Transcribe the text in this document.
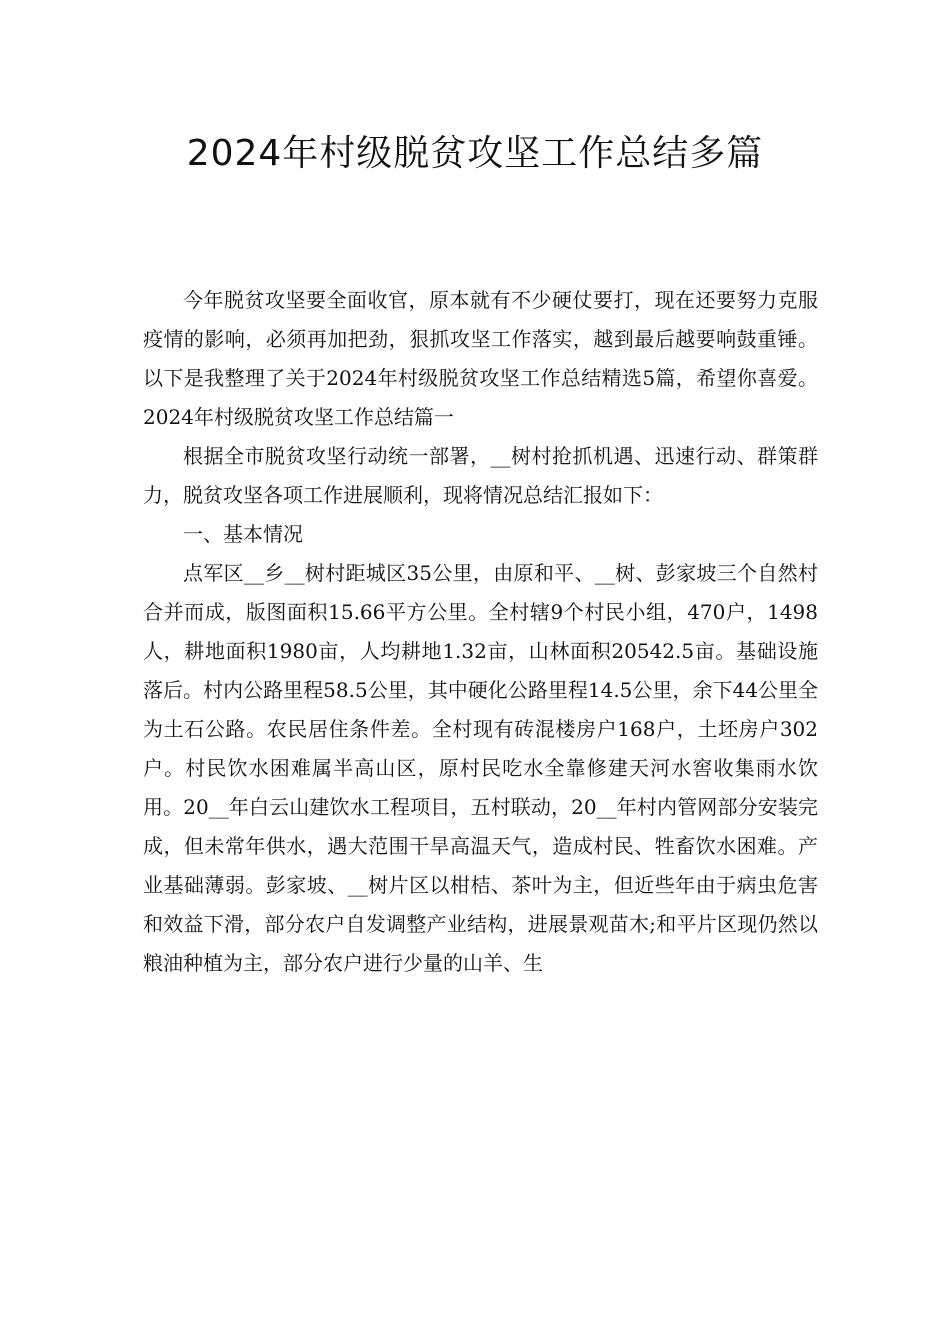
2024年村级脱贫攻坚工作总结多篇

今年脱贫攻坚要全面收官，原本就有不少硬仗要打，现在还要努力克服疫情的影响，必须再加把劲，狠抓攻坚工作落实，越到最后越要响鼓重锤。以下是我整理了关于2024年村级脱贫攻坚工作总结精选5篇，希望你喜爱。 2024年村级脱贫攻坚工作总结篇一

根据全市脱贫攻坚行动统一部署，__树村抢抓机遇、迅速行动、群策群力，脱贫攻坚各项工作进展顺利，现将情况总结汇报如下：

一、基本情况

点军区__乡__树村距城区35公里，由原和平、__树、彭家坡三个自然村合并而成，版图面积15.66平方公里。全村辖9个村民小组，470户，1498人，耕地面积1980亩，人均耕地1.32亩，山林面积20542.5亩。基础设施落后。村内公路里程58.5公里，其中硬化公路里程14.5公里，余下44公里全为土石公路。农民居住条件差。全村现有砖混楼房户168户，土坯房户302户。村民饮水困难属半高山区，原村民吃水全靠修建天河水窖收集雨水饮用。20__年白云山建饮水工程项目，五村联动，20__年村内管网部分安装完成，但未常年供水，遇大范围干旱高温天气，造成村民、牲畜饮水困难。产业基础薄弱。彭家坡、__树片区以柑桔、茶叶为主，但近些年由于病虫危害和效益下滑，部分农户自发调整产业结构，进展景观苗木;和平片区现仍然以粮油种植为主，部分农户进行少量的山羊、生
